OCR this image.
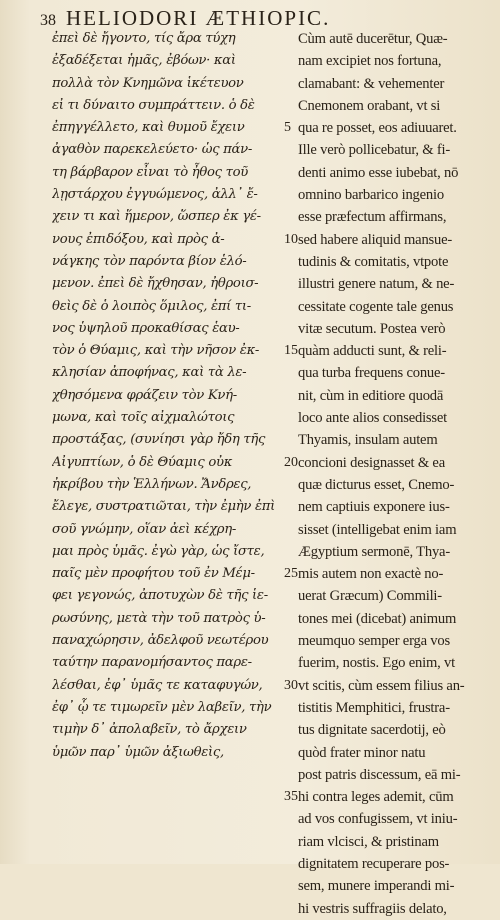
38 HELIODORI ÆTHIOPIC.
ἐπεὶ δὲ ἤγοντο, τίς ἄρα τύχη
ἐξαδέξεται ἡμᾶς, ἐβόων· καὶ
πολλὰ τὸν Κνημῶνα ἱκέτευον
εἰ τι δύναιτο συμπράττειν. ὁ δὲ
ἐπηγγέλλετο, καὶ θυμοῦ ἔχειν
ἀγαθὸν παρεκελεύετο· ὡς πάν-
τη βάρβαρον εἶναι τὸ ἦθος τοῦ
λῃστάρχου ἐγγυώμενος, ἀλλ᾽ ἔ-
χειν τι καὶ ἥμερον, ὥσπερ ἐκ γέ-
νους ἐπιδόξου, καὶ πρὸς ἀ-
νάγκης τὸν παρόντα βίον ἑλό-
μενον. ἐπεὶ δὲ ἤχθησαν, ἠθροισ-
θεὶς δὲ ὁ λοιπὸς ὅμιλος, ἐπί τι-
νος ὑψηλοῦ προκαθίσας ἑαυ-
τὸν ὁ Θύαμις, καὶ τὴν νῆσον ἐκ-
κλησίαν ἀποφήνας, καὶ τὰ λε-
χθησόμενα φράζειν τὸν Κνή-
μωνα, καὶ τοῖς αἰχμαλώτοις
προστάξας, (συνίησι γὰρ ἤδη τῆς
Αἰγυπτίων, ὁ δὲ Θύαμις οὐκ
ἠκρίβου τὴν Ἑλλήνων. Ἄνδρες,
ἔλεγε, συστρατιῶται, τὴν ἐμὴν ἐπὶ
σοῦ γνώμην, οἵαν ἀεὶ κέχρη-
μαι πρὸς ὑμᾶς. ἐγὼ γὰρ, ὡς ἴστε,
παῖς μὲν προφήτου τοῦ ἐν Μέμ-
φει γεγονώς, ἀποτυχὼν δὲ τῆς ἱε-
ρωσύνης, μετὰ τὴν τοῦ πατρὸς ὑ-
παναχώρησιν, ἀδελφοῦ νεωτέρου
ταύτην παρανομήσαντος παρε-
λέσθαι, ἐφ᾽ ὑμᾶς τε καταφυγών,
ἐφ᾽ ᾧ τε τιμωρεῖν μὲν λαβεῖν, τὴν
τιμὴν δ᾽ ἀπολαβεῖν, τὸ ἄρχειν
ὑμῶν παρ᾽ ὑμῶν ἀξιωθεὶς,
Cùm autē ducerētur, Quæ-
nam excipiet nos fortuna,
clamabant: & vehementer
Cnemonem orabant, vt si
qua re posset, eos adiuuaret.
Ille verò pollicebatur, & fi-
denti animo esse iubebat, nō
omnino barbarico ingenio
esse præfectum affirmans,
sed habere aliquid mansue-
tudinis & comitatis, vtpote
illustri genere natum, & ne-
cessitate cogente tale genus
vitæ secutum. Postea verò
quàm adducti sunt, & reli-
qua turba frequens conue-
nit, cùm in editiore quodā
loco ante alios consedisset
Thyamis, insulam autem
concioni designasset & ea
quæ dicturus esset, Cnemo-
nem captiuis exponere ius-
sisset (intelligebat enim iam
Ægyptium sermonē, Thya-
mis autem non exactè no-
uerat Græcum) Commili-
tones mei (dicebat) animum
meumquo semper erga vos
fuerim, nostis. Ego enim, vt
vt scitis, cùm essem filius an-
tistitis Memphitici, frustra-
tus dignitate sacerdotij, eò
quòd frater minor natu
post patris discessum, eā mi-
hi contra leges ademit, cūm
ad vos confugissem, vt iniu-
riam vlcisci, & pristinam
dignitatem recuperare pos-
sem, munere imperandi mi-
hi vestris suffragiis delato,
5
10
15
20
25
30
35
